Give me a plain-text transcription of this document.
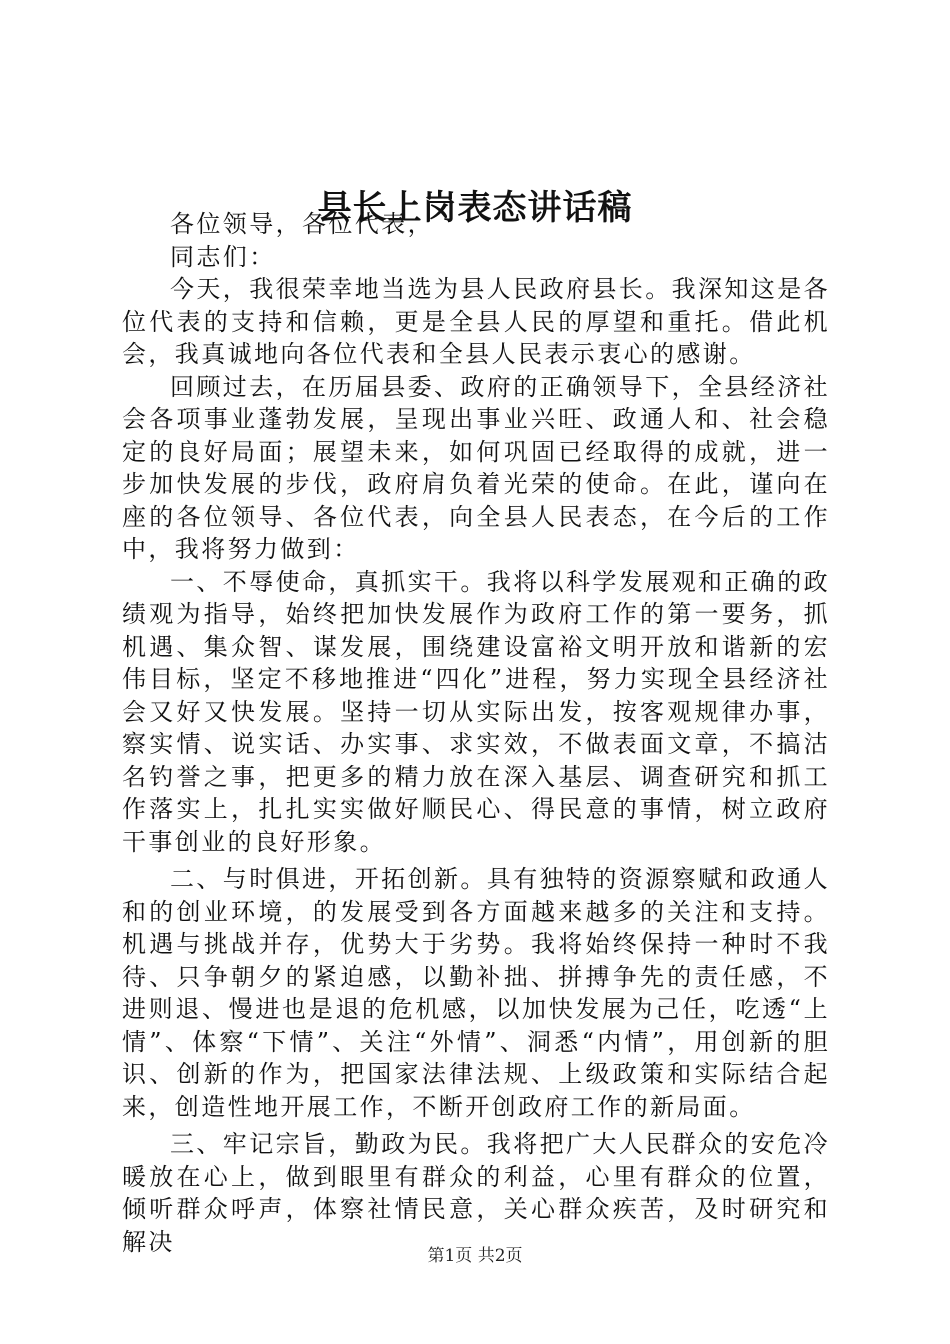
县长上岗表态讲话稿

各位领导，各位代表，

同志们：

今天，我很荣幸地当选为县人民政府县长。我深知这是各位代表的支持和信赖，更是全县人民的厚望和重托。借此机会，我真诚地向各位代表和全县人民表示衷心的感谢。

回顾过去，在历届县委、政府的正确领导下，全县经济社会各项事业蓬勃发展，呈现出事业兴旺、政通人和、社会稳定的良好局面；展望未来，如何巩固已经取得的成就，进一步加快发展的步伐，政府肩负着光荣的使命。在此，谨向在座的各位领导、各位代表，向全县人民表态，在今后的工作中，我将努力做到：

一、不辱使命，真抓实干。我将以科学发展观和正确的政绩观为指导，始终把加快发展作为政府工作的第一要务，抓机遇、集众智、谋发展，围绕建设富裕文明开放和谐新的宏伟目标，坚定不移地推进“四化”进程，努力实现全县经济社会又好又快发展。坚持一切从实际出发，按客观规律办事，察实情、说实话、办实事、求实效，不做表面文章，不搞沽名钓誉之事，把更多的精力放在深入基层、调查研究和抓工作落实上，扎扎实实做好顺民心、得民意的事情，树立政府干事创业的良好形象。

二、与时俱进，开拓创新。具有独特的资源察赋和政通人和的创业环境，的发展受到各方面越来越多的关注和支持。机遇与挑战并存，优势大于劣势。我将始终保持一种时不我待、只争朝夕的紧迫感，以勤补拙、拼搏争先的责任感，不进则退、慢进也是退的危机感，以加快发展为己任，吃透“上情”、体察“下情”、关注“外情”、洞悉“内情”，用创新的胆识、创新的作为，把国家法律法规、上级政策和实际结合起来，创造性地开展工作，不断开创政府工作的新局面。

三、牢记宗旨，勤政为民。我将把广大人民群众的安危冷暖放在心上，做到眼里有群众的利益，心里有群众的位置，倾听群众呼声，体察社情民意，关心群众疾苦，及时研究和解决

第1页 共2页
